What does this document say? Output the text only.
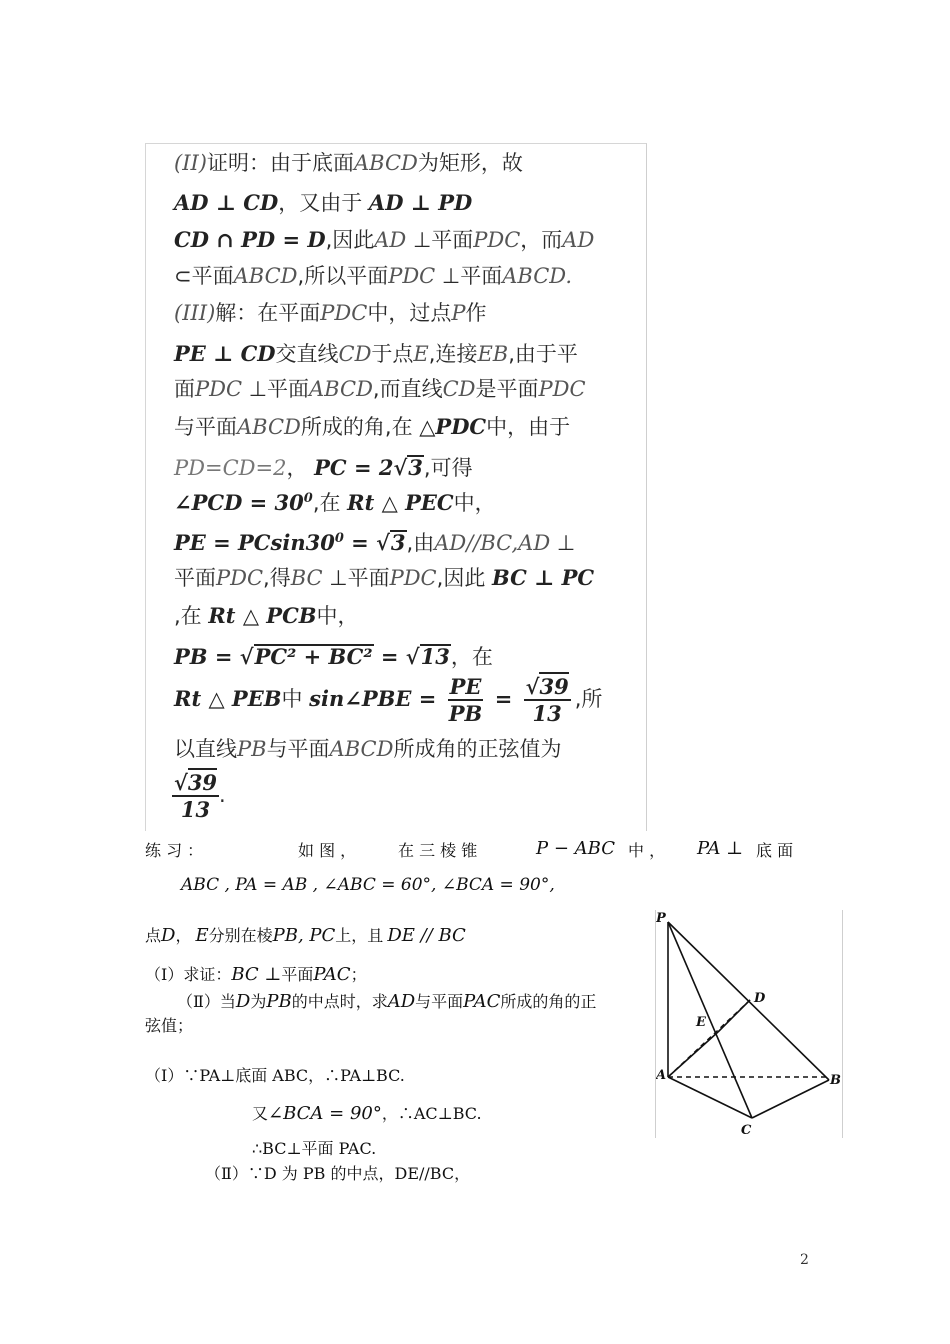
(II)证明：由于底面ABCD为矩形，故
AD ⊥ CD，又由于 AD ⊥ PD
CD ∩ PD = D,因此AD ⊥平面PDC，而AD
⊂平面ABCD,所以平面PDC ⊥平面ABCD.
(III)解：在平面PDC中，过点P作
PE ⊥ CD交直线CD于点E,连接EB,由于平
面PDC ⊥平面ABCD,而直线CD是平面PDC
与平面ABCD所成的角,在 △PDC中，由于
PD=CD=2， PC = 2√3,可得
∠PCD = $30^0$,在 Rt △ PEC中，
PE = $PCsin30^0 = √3$,由AD//BC,AD ⊥
平面PDC,得BC ⊥平面PDC,因此 BC ⊥ PC
,在 Rt △ PCB中，
PB = √PC² + BC² = √13，在
Rt △ PEB中 sin∠PBE = $\frac{PE}{PB} = \frac{√39}{13}$ ,所
以直线PB与平面ABCD所成角的正弦值为
$\frac{√39}{13}$ .
练 习 ：	如 图 ，	在 三 棱 锥	P − ABC 中 ， PA ⊥ 底 面
ABC , PA = AB , ∠ABC = 60°, ∠BCA = 90°,
点D， E分别在棱PB, PC上，且 DE // BC
（Ⅰ）求证：BC ⊥平面PAC；
（Ⅱ）当D为PB的中点时，求AD与平面PAC所成的角的正
弦值；
（Ⅰ）∵PA⊥底面 ABC，∴PA⊥BC.
又∠BCA = 90°，∴AC⊥BC.
∴BC⊥平面 PAC.
（Ⅱ）∵D 为 PB 的中点，DE//BC，
P
D
E
A	B
C
2
